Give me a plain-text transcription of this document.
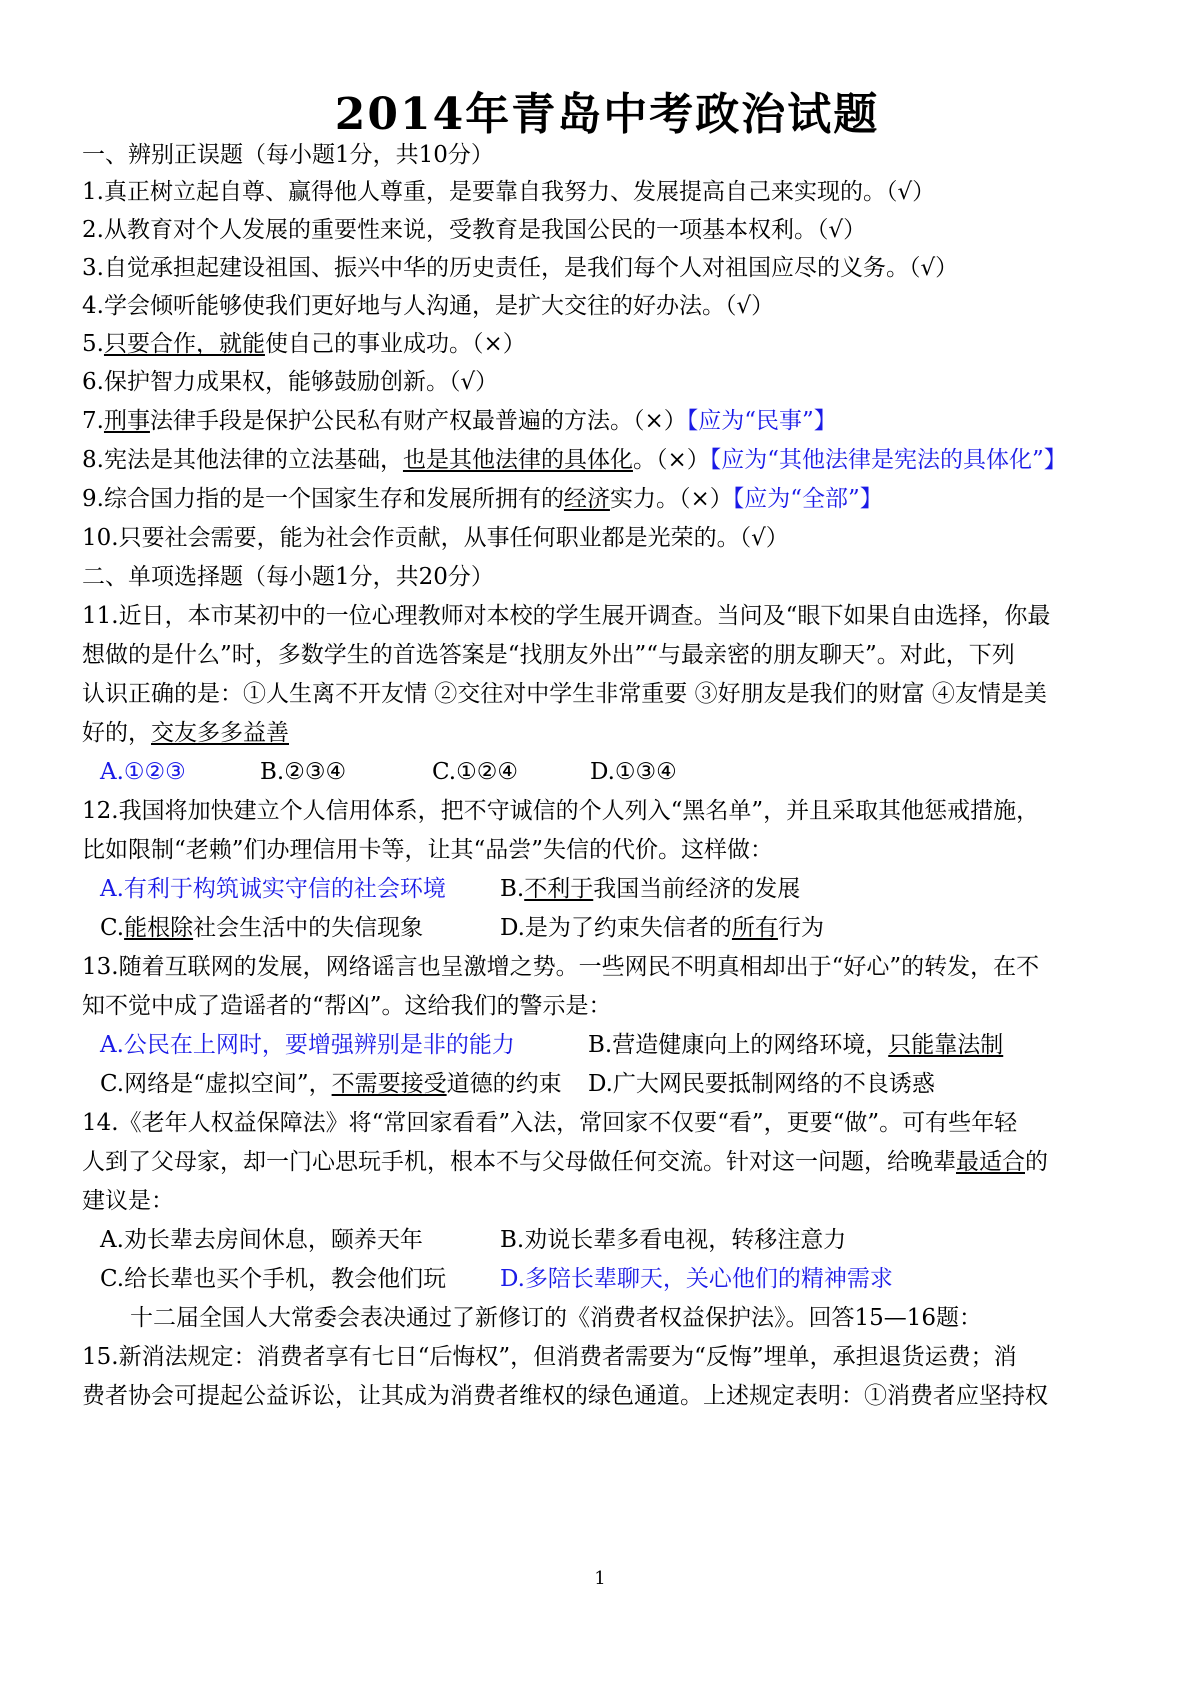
2014年青岛中考政治试题
一、辨别正误题（每小题1分，共10分）
1.真正树立起自尊、赢得他人尊重，是要靠自我努力、发展提高自己来实现的。（√）
2.从教育对个人发展的重要性来说，受教育是我国公民的一项基本权利。（√）
3.自觉承担起建设祖国、振兴中华的历史责任，是我们每个人对祖国应尽的义务。（√）
4.学会倾听能够使我们更好地与人沟通，是扩大交往的好办法。（√）
5.只要合作，就能使自己的事业成功。（×）
6.保护智力成果权，能够鼓励创新。（√）
7.刑事法律手段是保护公民私有财产权最普遍的方法。（×）【应为“民事”】
8.宪法是其他法律的立法基础，也是其他法律的具体化。（×）【应为“其他法律是宪法的具体化”】
9.综合国力指的是一个国家生存和发展所拥有的经济实力。（×）【应为“全部”】
10.只要社会需要，能为社会作贡献，从事任何职业都是光荣的。（√）
二、单项选择题（每小题1分，共20分）
11.近日，本市某初中的一位心理教师对本校的学生展开调查。当问及“眼下如果自由选择，你最
想做的是什么”时，多数学生的首选答案是“找朋友外出”“与最亲密的朋友聊天”。对此，下列
认识正确的是：①人生离不开友情 ②交往对中学生非常重要 ③好朋友是我们的财富 ④友情是美
好的，交友多多益善
A.①②③	B.②③④	C.①②④	D.①③④
12.我国将加快建立个人信用体系，把不守诚信的个人列入“黑名单”，并且采取其他惩戒措施，
比如限制“老赖”们办理信用卡等，让其“品尝”失信的代价。这样做：
A.有利于构筑诚实守信的社会环境 B.不利于我国当前经济的发展
C.能根除社会生活中的失信现象	D.是为了约束失信者的所有行为
13.随着互联网的发展，网络谣言也呈激增之势。一些网民不明真相却出于“好心”的转发，在不
知不觉中成了造谣者的“帮凶”。这给我们的警示是：
A.公民在上网时，要增强辨别是非的能力	B.营造健康向上的网络环境，只能靠法制
C.网络是“虚拟空间”，不需要接受道德的约束 D.广大网民要抵制网络的不良诱惑
14.《老年人权益保障法》将“常回家看看”入法，常回家不仅要“看”，更要“做”。可有些年轻
人到了父母家，却一门心思玩手机，根本不与父母做任何交流。针对这一问题，给晚辈最适合的
建议是：
A.劝长辈去房间休息，颐养天年	B.劝说长辈多看电视，转移注意力
C.给长辈也买个手机，教会他们玩 D.多陪长辈聊天，关心他们的精神需求
十二届全国人大常委会表决通过了新修订的《消费者权益保护法》。回答15—16题：
15.新消法规定：消费者享有七日“后悔权”，但消费者需要为“反悔”埋单，承担退货运费；消
费者协会可提起公益诉讼，让其成为消费者维权的绿色通道。上述规定表明：①消费者应坚持权
1
